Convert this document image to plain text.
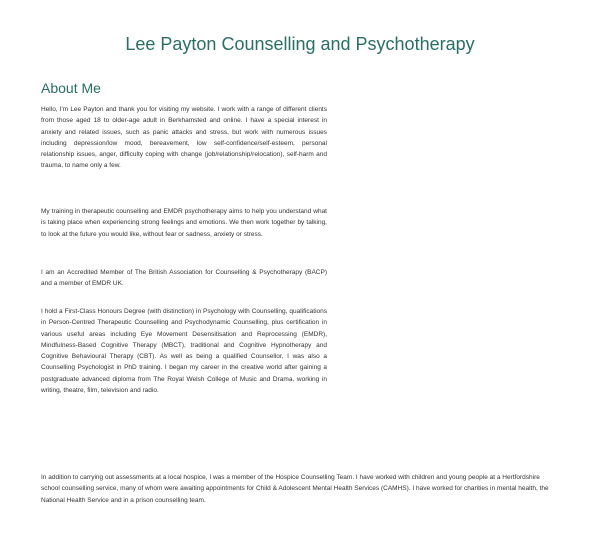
Lee Payton Counselling and Psychotherapy
About Me

Hello, I'm Lee Payton and thank you for visiting my website. I work with a range of different clients from those aged 18 to older-age adult in Berkhamsted and online. I have a special interest in anxiety and related issues, such as panic attacks and stress, but work with numerous issues including depression/low mood, bereavement, low self-confidence/self-esteem, personal relationship issues, anger, difficulty coping with change (job/relationship/relocation), self-harm and trauma, to name only a few.

My training in therapeutic counselling and EMDR psychotherapy aims to help you understand what is taking place when experiencing strong feelings and emotions. We then work together by talking, to look at the future you would like, without fear or sadness, anxiety or stress.

I am an Accredited Member of The British Association for Counselling & Psychotherapy (BACP) and a member of EMDR UK.

I hold a First-Class Honours Degree (with distinction) in Psychology with Counselling, qualifications in Person-Centred Therapeutic Counselling and Psychodynamic Counselling, plus certification in various useful areas including Eye Movement Desensitisation and Reprocessing (EMDR), Mindfulness-Based Cognitive Therapy (MBCT), traditional and Cognitive Hypnotherapy and Cognitive Behavioural Therapy (CBT). As well as being a qualified Counsellor, I was also a Counselling Psychologist in PhD training. I began my career in the creative world after gaining a postgraduate advanced diploma from The Royal Welsh College of Music and Drama, working in writing, theatre, film, television and radio.

In addition to carrying out assessments at a local hospice, I was a member of the Hospice Counselling Team. I have worked with children and young people at a Hertfordshire school counselling service, many of whom were awaiting appointments for Child & Adolescent Mental Health Services (CAMHS). I have worked for charities in mental health, the National Health Service and in a prison counselling team.
